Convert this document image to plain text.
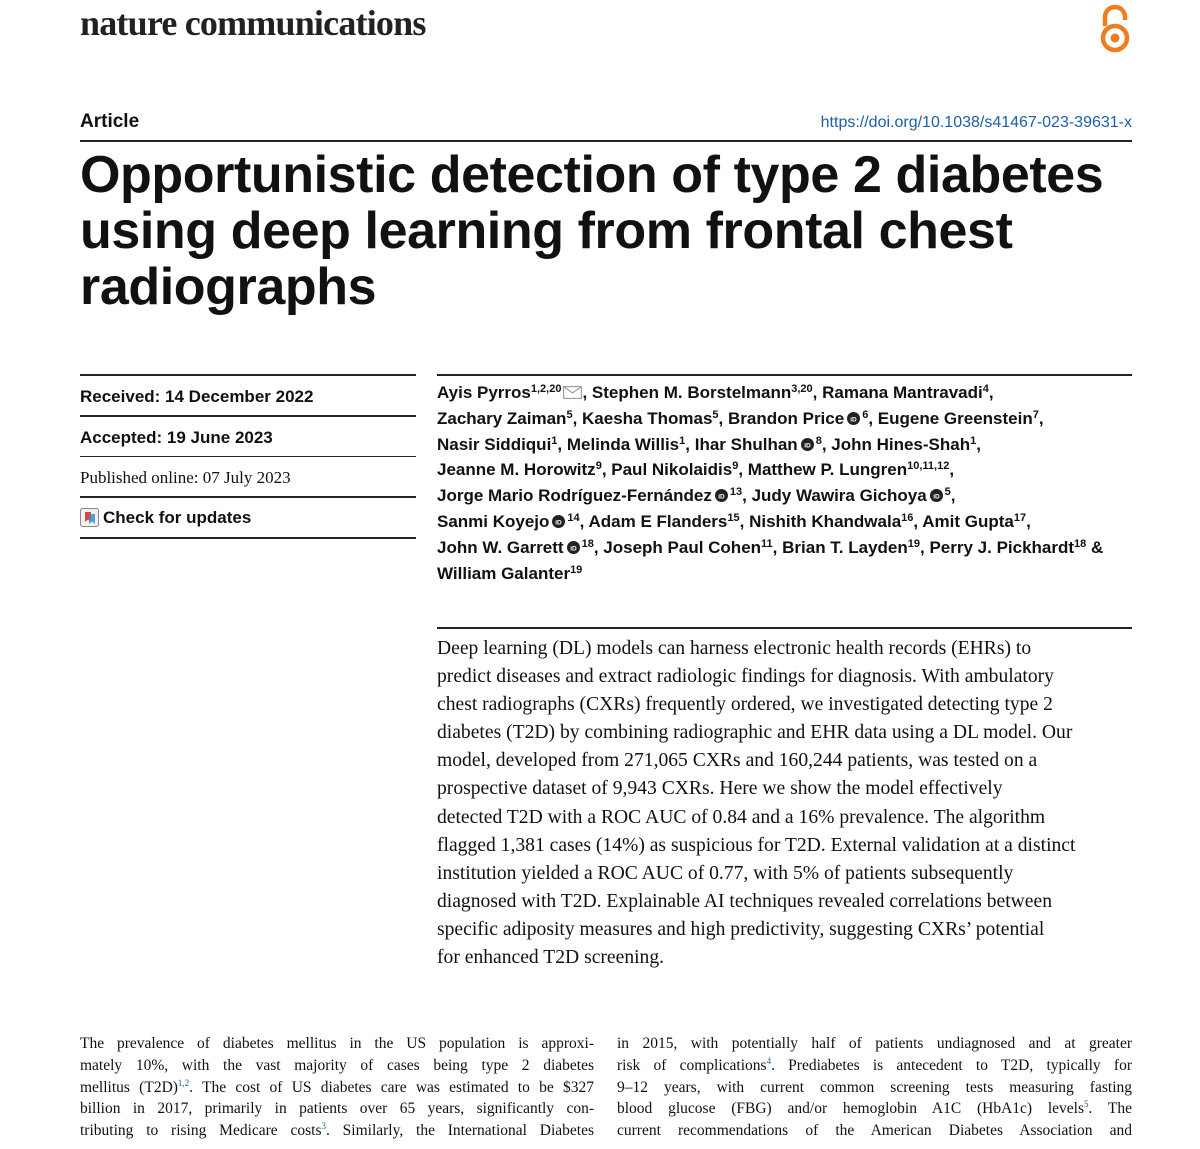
nature communications
Article	https://doi.org/10.1038/s41467-023-39631-x
Opportunistic detection of type 2 diabetes
using deep learning from frontal chest
radiographs
Received: 14 December 2022
Accepted: 19 June 2023
Published online: 07 July 2023
Check for updates
Ayis Pyrros$^{1,2,20}$ , Stephen M. Borstelmann$^{3,20}$, Ramana Mantravadi$^4$,
Zachary Zaiman$^5$, Kaesha Thomas$^5$, Brandon Price iD $^6$, Eugene Greenstein$^7$,
Nasir Siddiqui$^1$, Melinda Willis$^1$, Ihar Shulhan iD $^8$, John Hines-Shah$^1$,
Jeanne M. Horowitz$^9$, Paul Nikolaidis$^9$, Matthew P. Lungren$^{10,11,12}$,
Jorge Mario Rodríguez-Fernández iD $^{13}$, Judy Wawira Gichoya iD $^5$,
Sanmi Koyejo iD $^{14}$, Adam E Flanders$^{15}$, Nishith Khandwala$^{16}$, Amit Gupta$^{17}$,
John W. Garrett iD $^{18}$, Joseph Paul Cohen$^{11}$, Brian T. Layden$^{19}$, Perry J. Pickhardt$^{18}$ &
William Galanter$^{19}$
Deep learning (DL) models can harness electronic health records (EHRs) to
predict diseases and extract radiologic findings for diagnosis. With ambulatory
chest radiographs (CXRs) frequently ordered, we investigated detecting type 2
diabetes (T2D) by combining radiographic and EHR data using a DL model. Our
model, developed from 271,065 CXRs and 160,244 patients, was tested on a
prospective dataset of 9,943 CXRs. Here we show the model effectively
detected T2D with a ROC AUC of 0.84 and a 16% prevalence. The algorithm
flagged 1,381 cases (14%) as suspicious for T2D. External validation at a distinct
institution yielded a ROC AUC of 0.77, with 5% of patients subsequently
diagnosed with T2D. Explainable AI techniques revealed correlations between
specific adiposity measures and high predictivity, suggesting CXRs’ potential
for enhanced T2D screening.
The prevalence of diabetes mellitus in the US population is approxi-
mately 10%, with the vast majority of cases being type 2 diabetes
mellitus $(T2D)^{1,2}$. The cost of US diabetes care was estimated to be $327
billion in 2017, primarily in patients over 65 years, significantly con-
tributing to rising Medicare costs$^3$. Similarly, the International Diabetes
in 2015, with potentially half of patients undiagnosed and at greater
risk of complications$^4$. Prediabetes is antecedent to T2D, typically for
9–12 years, with current common screening tests measuring fasting
blood glucose (FBG) and/or hemoglobin A1C (HbA1c) levels$^5$. The
current recommendations of the American Diabetes Association and
